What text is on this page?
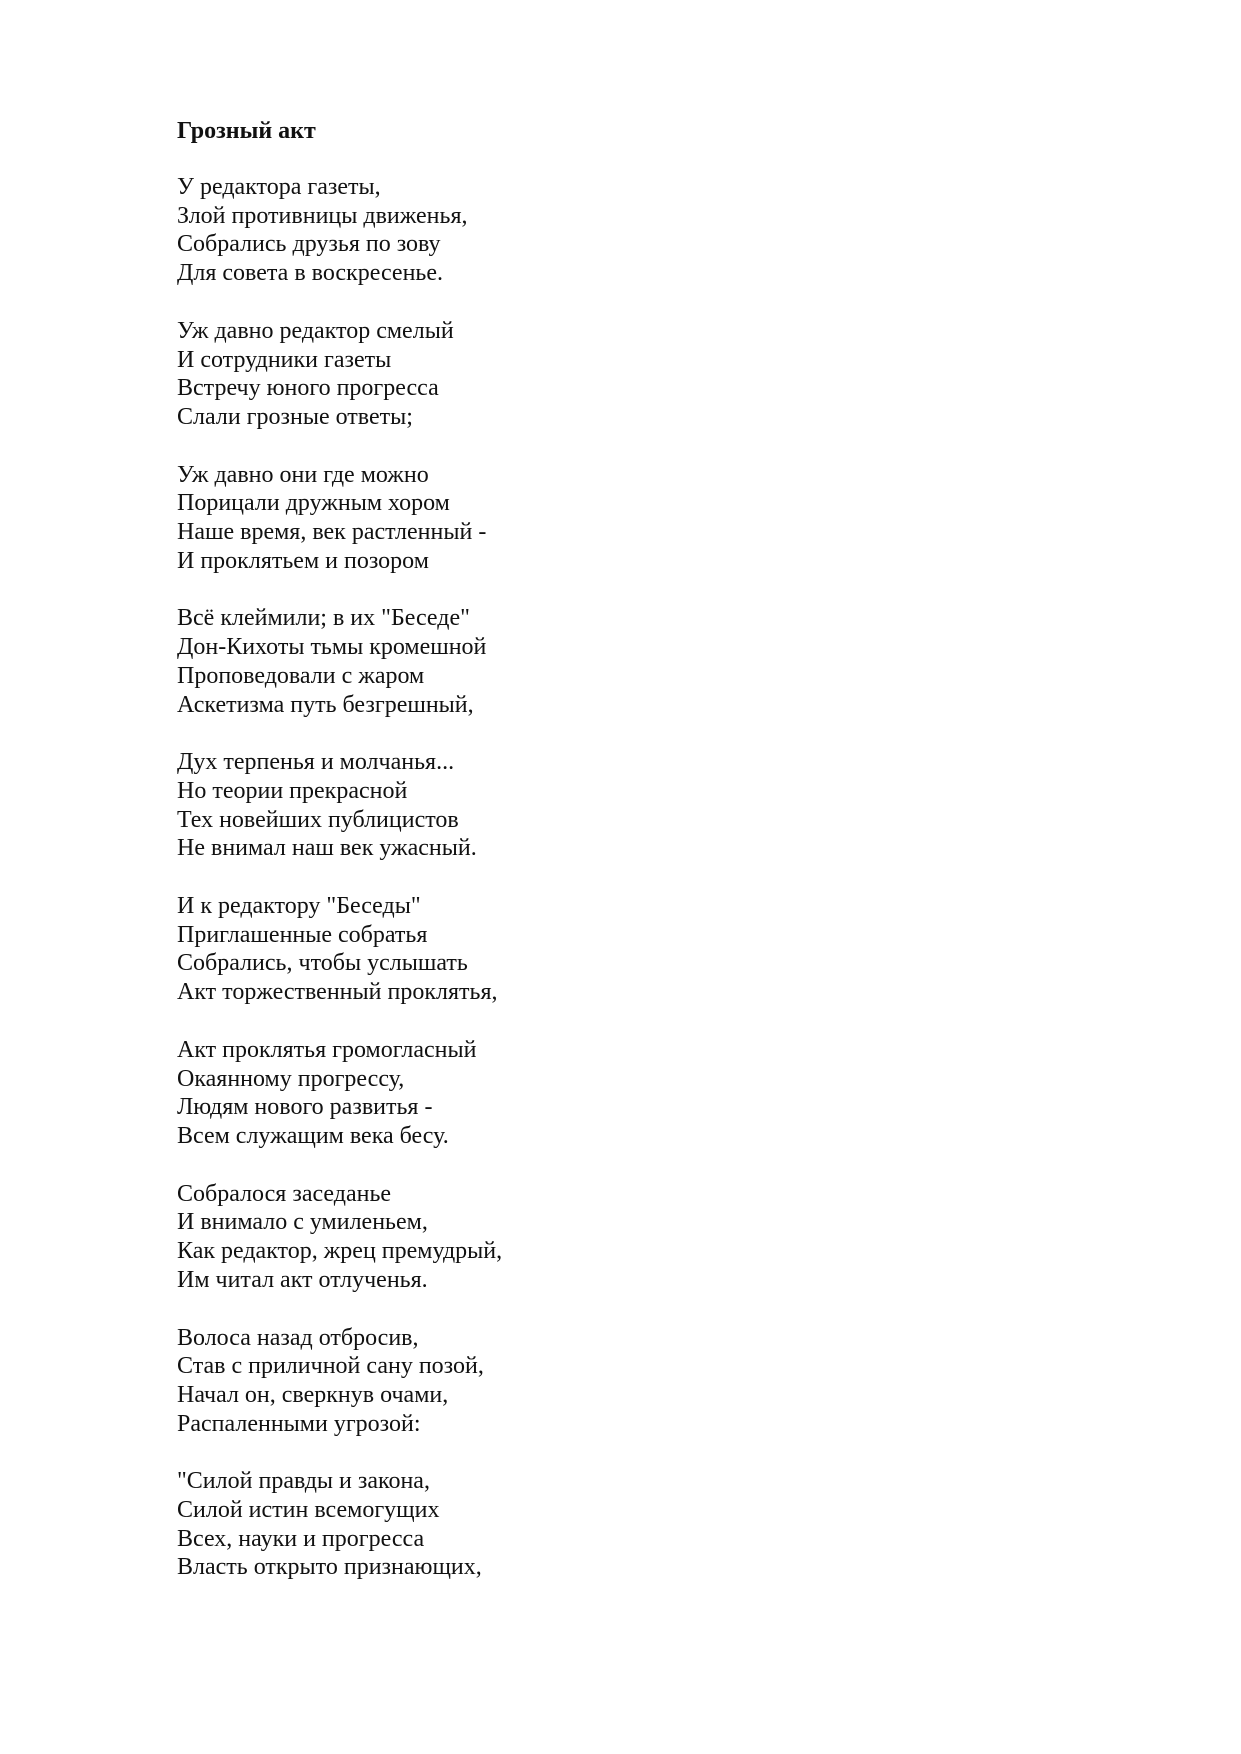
Грозный акт
У редактора газеты,
Злой противницы движенья,
Собрались друзья по зову
Для совета в воскресенье.
Уж давно редактор смелый
И сотрудники газеты
Встречу юного прогресса
Слали грозные ответы;
Уж давно они где можно
Порицали дружным хором
Наше время, век растленный -
И проклятьем и позором
Всё клеймили; в их "Беседе"
Дон-Кихоты тьмы кромешной
Проповедовали с жаром
Аскетизма путь безгрешный,
Дух терпенья и молчанья...
Но теории прекрасной
Тех новейших публицистов
Не внимал наш век ужасный.
И к редактору "Беседы"
Приглашенные собратья
Собрались, чтобы услышать
Акт торжественный проклятья,
Акт проклятья громогласный
Окаянному прогрессу,
Людям нового развитья -
Всем служащим века бесу.
Собралося заседанье
И внимало с умиленьем,
Как редактор, жрец премудрый,
Им читал акт отлученья.
Волоса назад отбросив,
Став с приличной сану позой,
Начал он, сверкнув очами,
Распаленными угрозой:
"Силой правды и закона,
Силой истин всемогущих
Всех, науки и прогресса
Власть открыто признающих,
